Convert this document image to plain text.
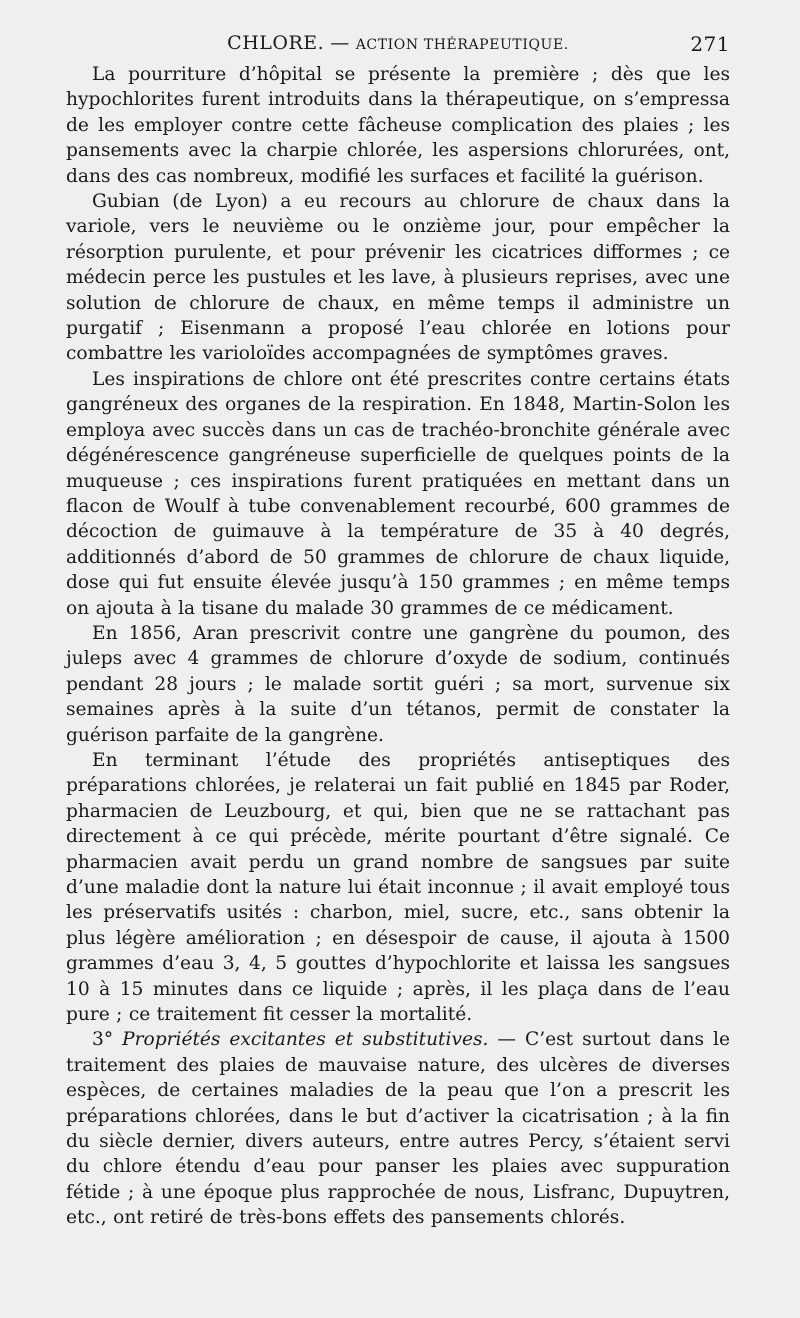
CHLORE. — ACTION THÉRAPEUTIQUE.	271

La pourriture d’hôpital se présente la première ; dès que les hypochlorites furent introduits dans la thérapeutique, on s’empressa de les employer contre cette fâcheuse complication des plaies ; les pansements avec la charpie chlorée, les aspersions chlorurées, ont, dans des cas nombreux, modifié les surfaces et facilité la guérison.

Gubian (de Lyon) a eu recours au chlorure de chaux dans la variole, vers le neuvième ou le onzième jour, pour empêcher la résorption purulente, et pour prévenir les cicatrices difformes ; ce médecin perce les pustules et les lave, à plusieurs reprises, avec une solution de chlorure de chaux, en même temps il administre un purgatif ; Eisenmann a proposé l’eau chlorée en lotions pour combattre les varioloïdes accompagnées de symptômes graves.

Les inspirations de chlore ont été prescrites contre certains états gangréneux des organes de la respiration. En 1848, Martin-Solon les employa avec succès dans un cas de trachéo-bronchite générale avec dégénérescence gangréneuse superficielle de quelques points de la muqueuse ; ces inspirations furent pratiquées en mettant dans un flacon de Woulf à tube convenablement recourbé, 600 grammes de décoction de guimauve à la température de 35 à 40 degrés, additionnés d’abord de 50 grammes de chlorure de chaux liquide, dose qui fut ensuite élevée jusqu’à 150 grammes ; en même temps on ajouta à la tisane du malade 30 grammes de ce médicament.

En 1856, Aran prescrivit contre une gangrène du poumon, des juleps avec 4 grammes de chlorure d’oxyde de sodium, continués pendant 28 jours ; le malade sortit guéri ; sa mort, survenue six semaines après à la suite d’un tétanos, permit de constater la guérison parfaite de la gangrène.

En terminant l’étude des propriétés antiseptiques des préparations chlorées, je relaterai un fait publié en 1845 par Roder, pharmacien de Leuzbourg, et qui, bien que ne se rattachant pas directement à ce qui précède, mérite pourtant d’être signalé. Ce pharmacien avait perdu un grand nombre de sangsues par suite d’une maladie dont la nature lui était inconnue ; il avait employé tous les préservatifs usités : charbon, miel, sucre, etc., sans obtenir la plus légère amélioration ; en désespoir de cause, il ajouta à 1500 grammes d’eau 3, 4, 5 gouttes d’hypochlorite et laissa les sangsues 10 à 15 minutes dans ce liquide ; après, il les plaça dans de l’eau pure ; ce traitement fit cesser la mortalité.

3° Propriétés excitantes et substitutives. — C’est surtout dans le traitement des plaies de mauvaise nature, des ulcères de diverses espèces, de certaines maladies de la peau que l’on a prescrit les préparations chlorées, dans le but d’activer la cicatrisation ; à la fin du siècle dernier, divers auteurs, entre autres Percy, s’étaient servi du chlore étendu d’eau pour panser les plaies avec suppuration fétide ; à une époque plus rapprochée de nous, Lisfranc, Dupuytren, etc., ont retiré de très-bons effets des pansements chlorés.
